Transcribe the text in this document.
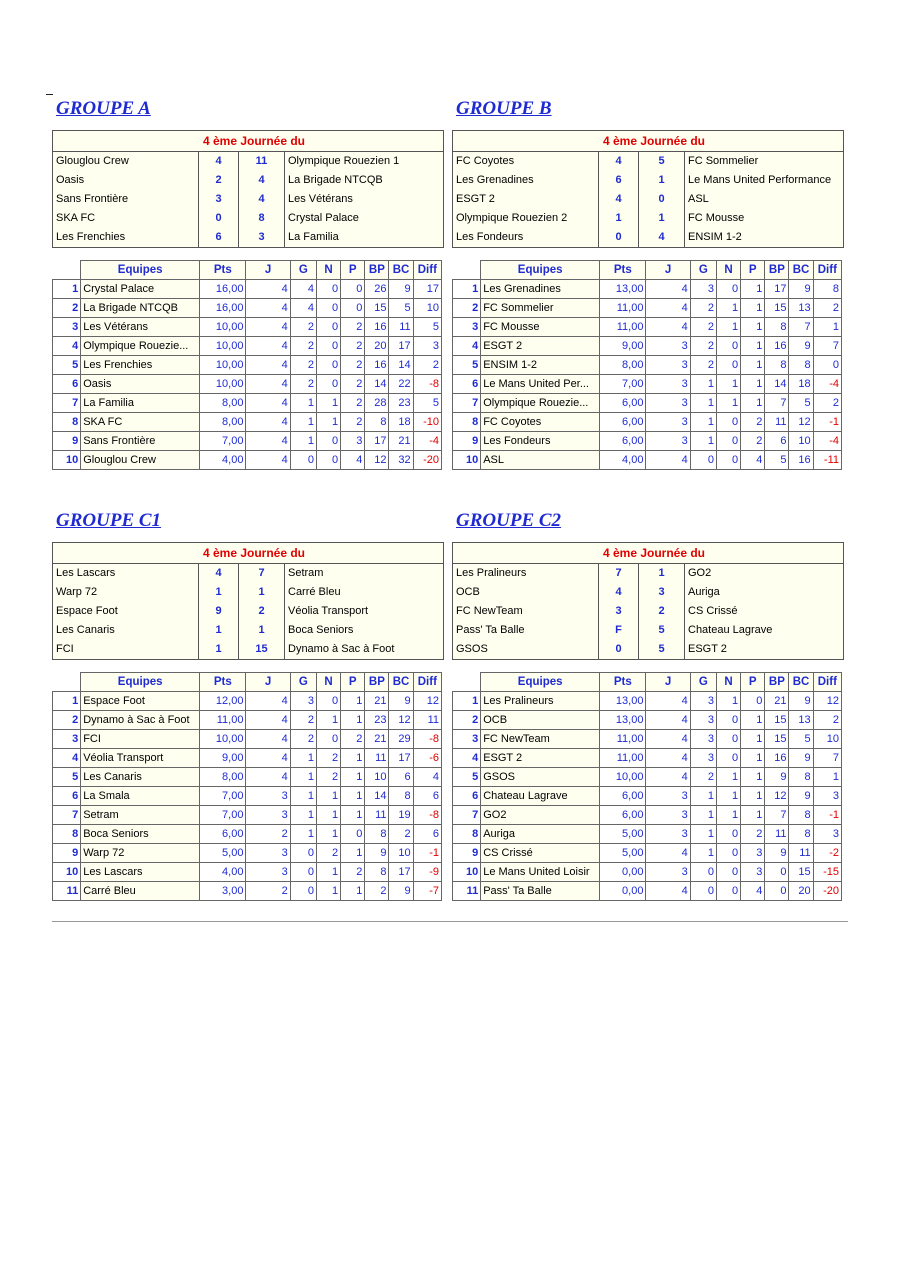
GROUPE A
4 ème Journée du
Glouglou Crew	4	11	Olympique Rouezien 1
Oasis	2	4	La Brigade NTCQB
Sans Frontière	3	4	Les Vétérans
SKA FC	0	8	Crystal Palace
Les Frenchies	6	3	La Familia
	Equipes	Pts	J	G	N	P	BP	BC	Diff
1	Crystal Palace	16,00	4	4	0	0	26	9	17
2	La Brigade NTCQB	16,00	4	4	0	0	15	5	10
3	Les Vétérans	10,00	4	2	0	2	16	11	5
4	Olympique Rouezie...	10,00	4	2	0	2	20	17	3
5	Les Frenchies	10,00	4	2	0	2	16	14	2
6	Oasis	10,00	4	2	0	2	14	22	-8
7	La Familia	8,00	4	1	1	2	28	23	5
8	SKA FC	8,00	4	1	1	2	8	18	-10
9	Sans Frontière	7,00	4	1	0	3	17	21	-4
10	Glouglou Crew	4,00	4	0	0	4	12	32	-20
GROUPE B
4 ème Journée du
FC Coyotes	4	5	FC Sommelier
Les Grenadines	6	1	Le Mans United Performance
ESGT 2	4	0	ASL
Olympique Rouezien 2	1	1	FC Mousse
Les Fondeurs	0	4	ENSIM 1-2
	Equipes	Pts	J	G	N	P	BP	BC	Diff
1	Les Grenadines	13,00	4	3	0	1	17	9	8
2	FC Sommelier	11,00	4	2	1	1	15	13	2
3	FC Mousse	11,00	4	2	1	1	8	7	1
4	ESGT 2	9,00	3	2	0	1	16	9	7
5	ENSIM 1-2	8,00	3	2	0	1	8	8	0
6	Le Mans United Per...	7,00	3	1	1	1	14	18	-4
7	Olympique Rouezie...	6,00	3	1	1	1	7	5	2
8	FC Coyotes	6,00	3	1	0	2	11	12	-1
9	Les Fondeurs	6,00	3	1	0	2	6	10	-4
10	ASL	4,00	4	0	0	4	5	16	-11
GROUPE C1
4 ème Journée du
Les Lascars	4	7	Setram
Warp 72	1	1	Carré Bleu
Espace Foot	9	2	Véolia Transport
Les Canaris	1	1	Boca Seniors
FCI	1	15	Dynamo à Sac à Foot
	Equipes	Pts	J	G	N	P	BP	BC	Diff
1	Espace Foot	12,00	4	3	0	1	21	9	12
2	Dynamo à Sac à Foot	11,00	4	2	1	1	23	12	11
3	FCI	10,00	4	2	0	2	21	29	-8
4	Véolia Transport	9,00	4	1	2	1	11	17	-6
5	Les Canaris	8,00	4	1	2	1	10	6	4
6	La Smala	7,00	3	1	1	1	14	8	6
7	Setram	7,00	3	1	1	1	11	19	-8
8	Boca Seniors	6,00	2	1	1	0	8	2	6
9	Warp 72	5,00	3	0	2	1	9	10	-1
10	Les Lascars	4,00	3	0	1	2	8	17	-9
11	Carré Bleu	3,00	2	0	1	1	2	9	-7
GROUPE C2
4 ème Journée du
Les Pralineurs	7	1	GO2
OCB	4	3	Auriga
FC NewTeam	3	2	CS Crissé
Pass' Ta Balle	F	5	Chateau Lagrave
GSOS	0	5	ESGT 2
	Equipes	Pts	J	G	N	P	BP	BC	Diff
1	Les Pralineurs	13,00	4	3	1	0	21	9	12
2	OCB	13,00	4	3	0	1	15	13	2
3	FC NewTeam	11,00	4	3	0	1	15	5	10
4	ESGT 2	11,00	4	3	0	1	16	9	7
5	GSOS	10,00	4	2	1	1	9	8	1
6	Chateau Lagrave	6,00	3	1	1	1	12	9	3
7	GO2	6,00	3	1	1	1	7	8	-1
8	Auriga	5,00	3	1	0	2	11	8	3
9	CS Crissé	5,00	4	1	0	3	9	11	-2
10	Le Mans United Loisir	0,00	3	0	0	3	0	15	-15
11	Pass' Ta Balle	0,00	4	0	0	4	0	20	-20
